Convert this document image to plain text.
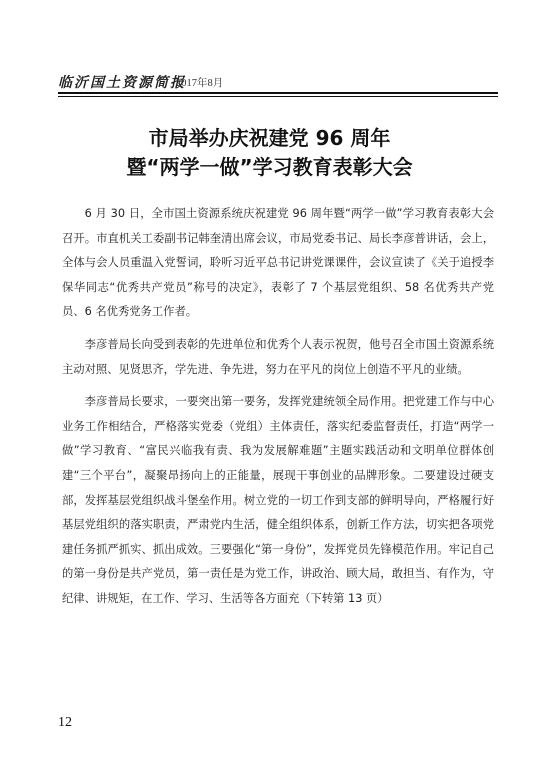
临沂国土资源简报
2017年8月
市局举办庆祝建党 96 周年
暨“两学一做”学习教育表彰大会

6 月 30 日，全市国土资源系统庆祝建党 96 周年暨“两学一做”学习教育表彰大会召开。市直机关工委副书记韩奎清出席会议，市局党委书记、局长李彦普讲话，会上，全体与会人员重温入党誓词，聆听习近平总书记讲党课课件，会议宣读了《关于追授李保华同志“优秀共产党员”称号的决定》，表彰了 7 个基层党组织、58 名优秀共产党员、6 名优秀党务工作者。

李彦普局长向受到表彰的先进单位和优秀个人表示祝贺，他号召全市国土资源系统主动对照、见贤思齐，学先进、争先进，努力在平凡的岗位上创造不平凡的业绩。

李彦普局长要求，一要突出第一要务，发挥党建统领全局作用。把党建工作与中心业务工作相结合，严格落实党委（党组）主体责任，落实纪委监督责任，打造“两学一做”学习教育、“富民兴临我有责、我为发展解难题”主题实践活动和文明单位群体创建“三个平台”，凝聚昂扬向上的正能量，展现干事创业的品牌形象。二要建设过硬支部，发挥基层党组织战斗堡垒作用。树立党的一切工作到支部的鲜明导向，严格履行好基层党组织的落实职责，严肃党内生活，健全组织体系，创新工作方法，切实把各项党建任务抓严抓实、抓出成效。三要强化“第一身份”，发挥党员先锋模范作用。牢记自己的第一身份是共产党员，第一责任是为党工作，讲政治、顾大局，敢担当、有作为，守纪律、讲规矩，在工作、学习、生活等各方面充（下转第 13 页）

12
